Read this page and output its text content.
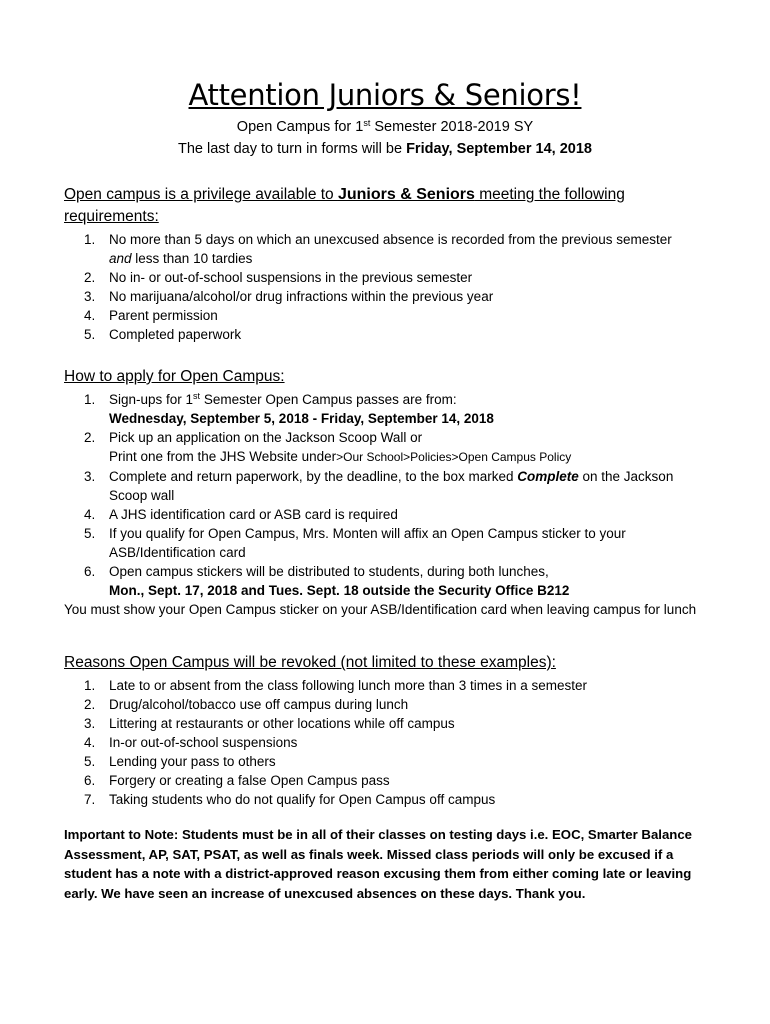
Attention Juniors & Seniors!
Open Campus for 1st Semester 2018-2019 SY
The last day to turn in forms will be Friday, September 14, 2018
Open campus is a privilege available to Juniors & Seniors meeting the following requirements:
1.	No more than 5 days on which an unexcused absence is recorded from the previous semester
and less than 10 tardies
2.	No in- or out-of-school suspensions in the previous semester
3.	No marijuana/alcohol/or drug infractions within the previous year
4.	Parent permission
5.	Completed paperwork
How to apply for Open Campus:
1.	Sign-ups for 1st Semester Open Campus passes are from:
Wednesday, September 5, 2018 - Friday, September 14, 2018
2.	Pick up an application on the Jackson Scoop Wall or
Print one from the JHS Website under>Our School>Policies>Open Campus Policy
3.	Complete and return paperwork, by the deadline, to the box marked Complete on the Jackson Scoop wall
4.	A JHS identification card or ASB card is required
5.	If you qualify for Open Campus, Mrs. Monten will affix an Open Campus sticker to your ASB/Identification card
6.	Open campus stickers will be distributed to students, during both lunches,
Mon., Sept. 17, 2018 and Tues. Sept. 18 outside the Security Office B212

You must show your Open Campus sticker on your ASB/Identification card when leaving campus for lunch

Reasons Open Campus will be revoked (not limited to these examples):
1.	Late to or absent from the class following lunch more than 3 times in a semester
2.	Drug/alcohol/tobacco use off campus during lunch
3.	Littering at restaurants or other locations while off campus
4.	In-or out-of-school suspensions
5.	Lending your pass to others
6.	Forgery or creating a false Open Campus pass
7.	Taking students who do not qualify for Open Campus off campus
Important to Note: Students must be in all of their classes on testing days i.e. EOC, Smarter Balance Assessment, AP, SAT, PSAT, as well as finals week. Missed class periods will only be excused if a student has a note with a district-approved reason excusing them from either coming late or leaving early. We have seen an increase of unexcused absences on these days. Thank you.
